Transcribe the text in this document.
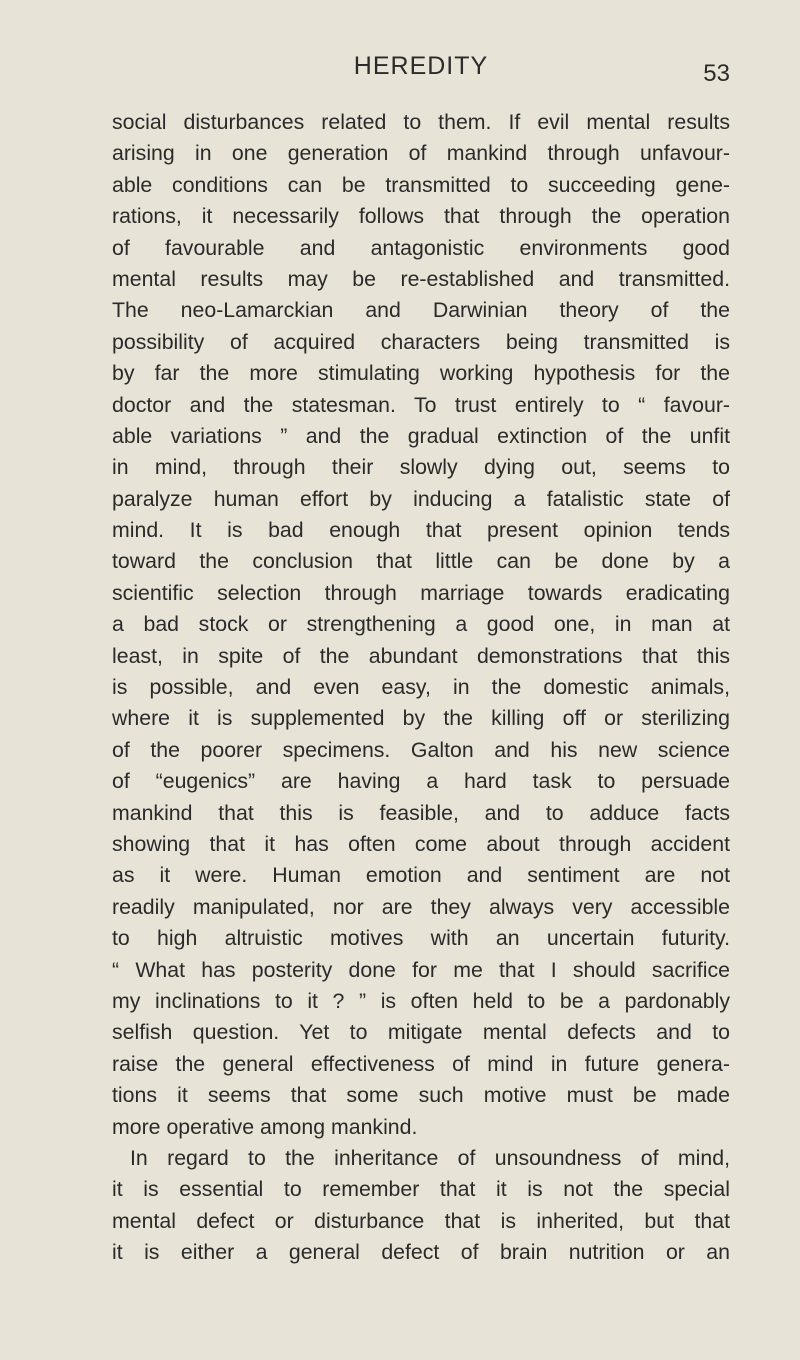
HEREDITY	53
social disturbances related to them. If evil mental results
arising in one generation of mankind through unfavour-
able conditions can be transmitted to succeeding gene-
rations, it necessarily follows that through the operation
of favourable and antagonistic environments good
mental results may be re-established and transmitted.
The neo-Lamarckian and Darwinian theory of the
possibility of acquired characters being transmitted is
by far the more stimulating working hypothesis for the
doctor and the statesman. To trust entirely to “ favour-
able variations ” and the gradual extinction of the unfit
in mind, through their slowly dying out, seems to
paralyze human effort by inducing a fatalistic state of
mind. It is bad enough that present opinion tends
toward the conclusion that little can be done by a
scientific selection through marriage towards eradicating
a bad stock or strengthening a good one, in man at
least, in spite of the abundant demonstrations that this
is possible, and even easy, in the domestic animals,
where it is supplemented by the killing off or sterilizing
of the poorer specimens. Galton and his new science
of “eugenics” are having a hard task to persuade
mankind that this is feasible, and to adduce facts
showing that it has often come about through accident
as it were. Human emotion and sentiment are not
readily manipulated, nor are they always very accessible
to high altruistic motives with an uncertain futurity.
“ What has posterity done for me that I should sacrifice
my inclinations to it ? ” is often held to be a pardonably
selfish question. Yet to mitigate mental defects and to
raise the general effectiveness of mind in future genera-
tions it seems that some such motive must be made
more operative among mankind.
In regard to the inheritance of unsoundness of mind,
it is essential to remember that it is not the special
mental defect or disturbance that is inherited, but that
it is either a general defect of brain nutrition or an
